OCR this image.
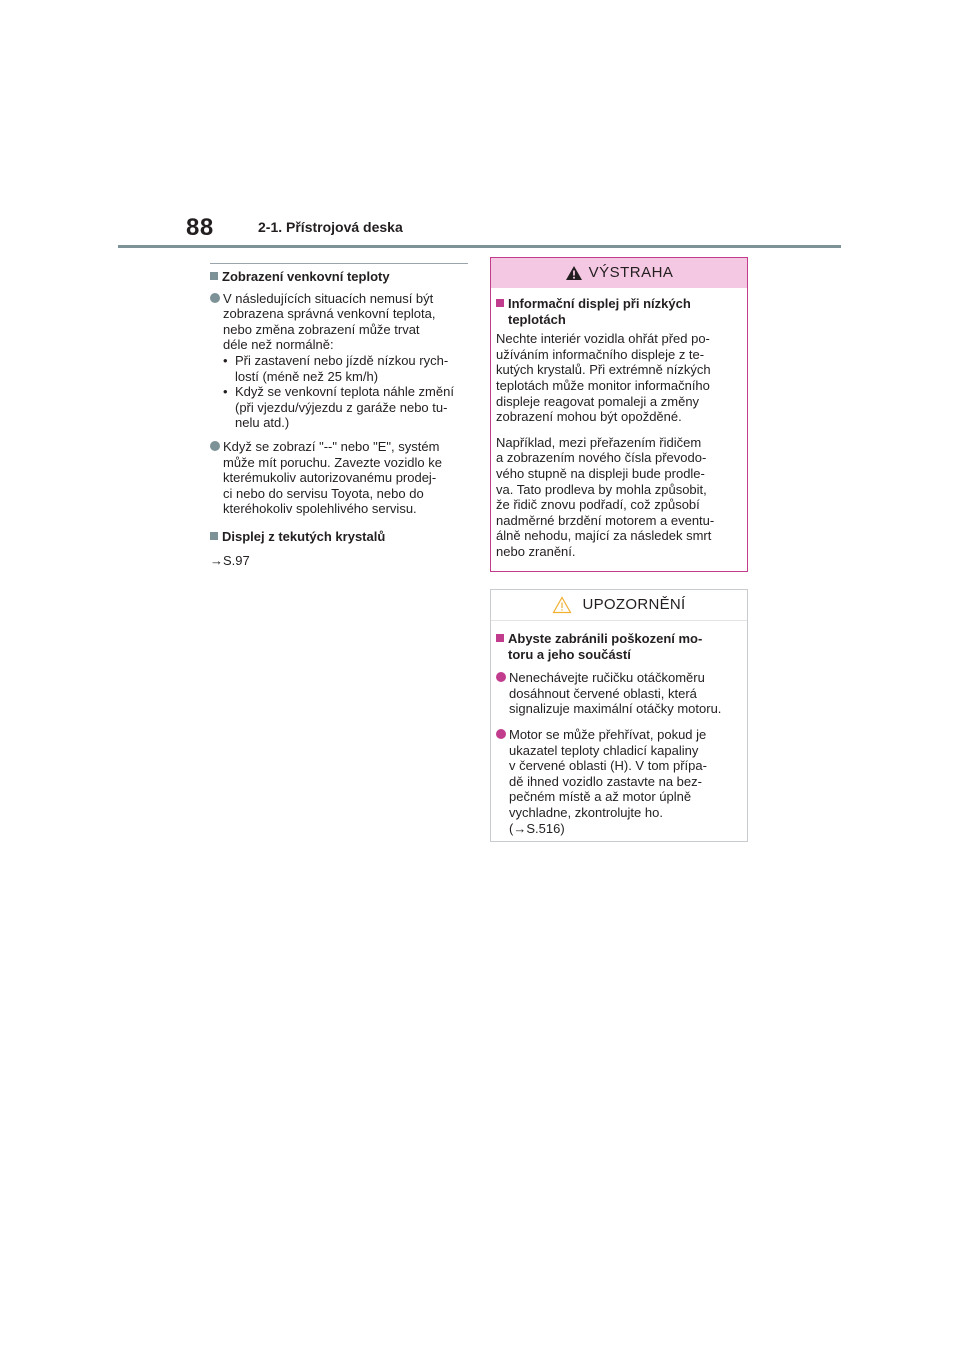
88	2-1. Přístrojová deska
Zobrazení venkovní teploty
V následujících situacích nemusí být
zobrazena správná venkovní teplota,
nebo změna zobrazení může trvat
déle než normálně:
• Při zastavení nebo jízdě nízkou rych-
lostí (méně než 25 km/h)
• Když se venkovní teplota náhle změní
(při vjezdu/výjezdu z garáže nebo tu-
nelu atd.)
Když se zobrazí "--" nebo "E", systém
může mít poruchu. Zavezte vozidlo ke
kterémukoliv autorizovanému prodej-
ci nebo do servisu Toyota, nebo do
kteréhokoliv spolehlivého servisu.
Displej z tekutých krystalů
→S.97
VÝSTRAHA
Informační displej při nízkých
teplotách
Nechte interiér vozidla ohřát před po-
užíváním informačního displeje z te-
kutých krystalů. Při extrémně nízkých
teplotách může monitor informačního
displeje reagovat pomaleji a změny
zobrazení mohou být opožděné.
Například, mezi přeřazením řidičem
a zobrazením nového čísla převodo-
vého stupně na displeji bude prodle-
va. Tato prodleva by mohla způsobit,
že řidič znovu podřadí, což způsobí
nadměrné brzdění motorem a eventu-
álně nehodu, mající za následek smrt
nebo zranění.
UPOZORNĚNÍ
Abyste zabránili poškození mo-
toru a jeho součástí
Nenechávejte ručičku otáčkoměru
dosáhnout červené oblasti, která
signalizuje maximální otáčky motoru.
Motor se může přehřívat, pokud je
ukazatel teploty chladicí kapaliny
v červené oblasti (H). V tom přípa-
dě ihned vozidlo zastavte na bez-
pečném místě a až motor úplně
vychladne, zkontrolujte ho.
(→S.516)
